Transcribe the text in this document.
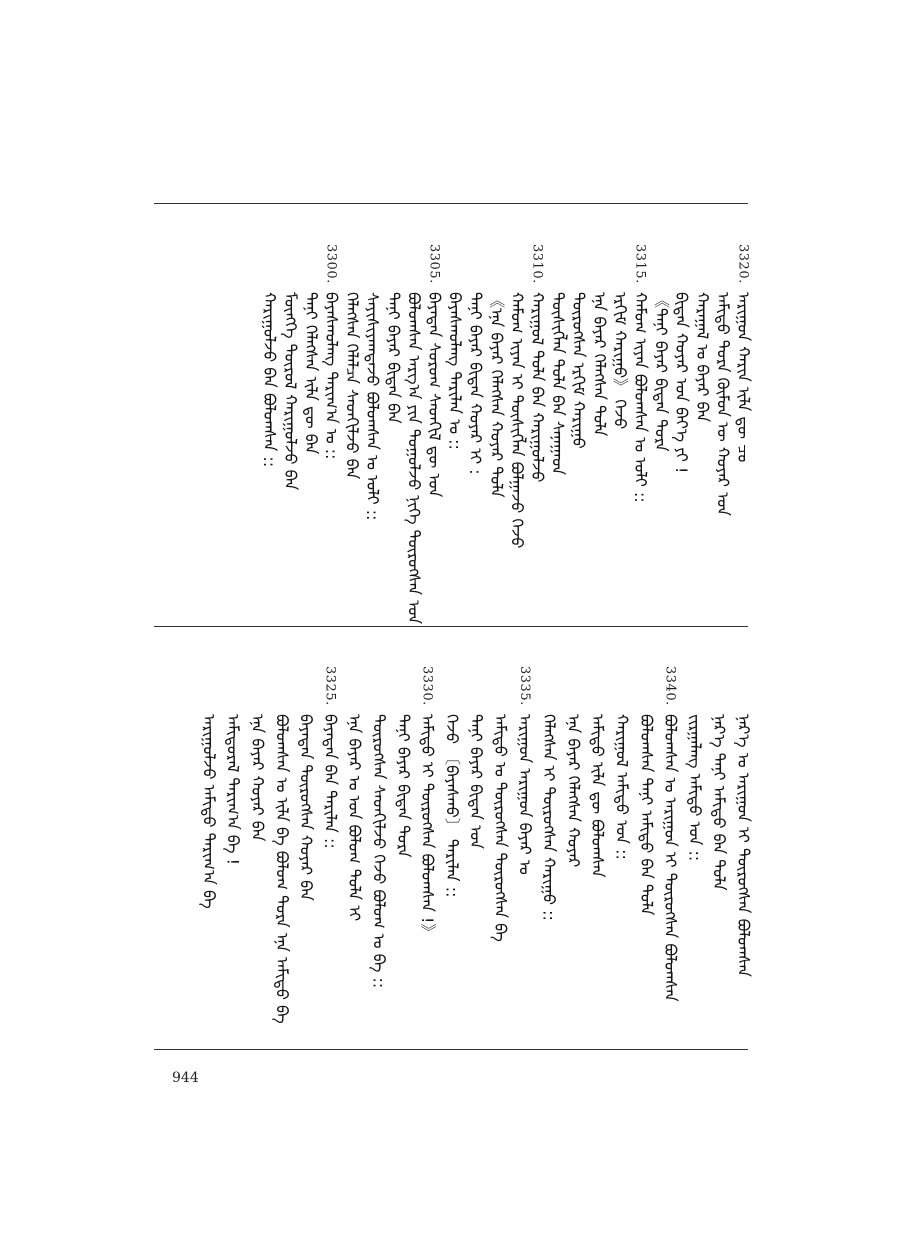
3320.
ᠠᠷᠢᠭᠤᠨ ᠬᠠᠷᠢᠨ ᠢᠯᠡ ᠳᠦ ᠴᠤ
ᠠᠮᠢᠳᠤ ᠲᠤᠷᠠ ᠬᠦᠮᠦᠨ ᠦ ᠬᠣᠶᠠᠷ ᠤᠨ
ᠬᠠᠷᠠᠭᠠᠯ ᠣ ᠪᠠᠶᠠᠷ ᠪᠠᠨ
ᠪᠢᠳᠡᠨ ᠬᠣᠶᠠᠷ ᠤᠨ ᠪᠡᠶ᠎ᠡ ᠶᠢ !
《ᠲᠠᠨᠢ ᠪᠠᠶᠠᠷ ᠪᠢᠳᠡᠨ ᠲᠤᠷᠠ
3315.
ᠬᠠᠮᠤᠭ ᠢᠶᠡᠨ ᠪᠣᠯᠤᠭᠰᠠᠨ ᠤ ᠤᠯᠢ ::
ᠡᠷᠬᠢᠮ ᠬᠠᠷᠢᠭᠤ》 ᠭᠡᠵᠦ
ᠡᠨᠡ ᠪᠠᠶᠠᠷ ᠬᠡᠯᠡᠭᠰᠡᠨ ᠲᠤᠯᠠ
ᠲᠦᠷᠦᠭᠰᠡᠨ ᠡᠷᠬᠢᠮ ᠬᠠᠷᠢᠭᠤ
ᠲᠦᠰᠢᠭᠯᠡᠨ ᠲᠤᠯᠠ ᠪᠠᠨ ᠰᠠᠨᠠᠭᠠᠳ
3310.
ᠬᠠᠷᠢᠭᠤᠯ ᠲᠤᠯᠠ ᠪᠠᠨ ᠬᠠᠷᠢᠭᠤᠯᠵᠤ
ᠬᠠᠮᠤᠭ ᠢᠶᠡᠨ ᠢ ᠲᠦᠰᠢᠭᠯᠡᠨ ᠪᠣᠯᠭᠠᠵᠤ ᠬᠡᠵᠦ
《ᠡᠨᠡ ᠪᠠᠶᠠᠷ ᠬᠡᠯᠡᠭᠰᠡᠨ ᠬᠣᠶᠠᠷ ᠲᠤᠯᠠ
ᠲᠠᠨᠢ ᠪᠠᠶᠠᠷ ᠪᠢᠳᠡᠨ ᠬᠣᠶᠠᠷ ᠢ :
ᠪᠠᠶᠠᠰᠬᠤᠯᠠᠩ ᠲᠠᠷᠢᠯᠠᠨ ᠤ ::
3305.
ᠪᠡᠶᠡᠳᠡᠨ ᠰᠤᠷᠤᠭ ᠰᠡᠳᠬᠢᠯ ᠳᠦ ᠤᠨ
ᠪᠣᠯᠤᠭᠰᠠᠨ ᠠᠷᠭ᠎ᠠ ᠶᠢᠨ ᠲᠤᠭᠤᠯᠵᠤ ᠨᠢᠭᠡ ᠲᠦᠷᠦᠭᠰᠡᠨ ᠤᠨ
ᠲᠠᠨᠢ ᠪᠠᠶᠠᠷ ᠪᠢᠳᠡᠨ ᠪᠠᠨ
ᠰᠠᠶᠢᠰᠢᠶᠠᠭᠳᠠᠵᠤ ᠪᠣᠯᠤᠭᠰᠠᠨ ᠤ ᠤᠯᠢ ::
ᠬᠡᠯᠡᠭᠰᠡᠨ ᠬᠡᠯᠡᠯᠴᠡ ᠰᠡᠳᠬᠢᠯᠵᠤ ᠪᠠᠨ
3300.
ᠪᠠᠶᠠᠰᠬᠤᠯᠠᠩ ᠲᠠᠷᠢᠭ᠎ᠠ ᠤ ::
ᠲᠠᠨᠢ ᠬᠡᠯᠡᠭᠰᠡᠨ ᠢᠯᠡ ᠳᠦ ᠪᠠᠨ
ᠮᠥᠩᠬᠡ ᠲᠦᠷᠦᠯ ᠬᠠᠷᠢᠭᠤᠯᠵᠤ ᠪᠠᠨ
ᠬᠠᠷᠢᠭᠤᠯᠵᠤ ᠪᠠᠨ ᠪᠣᠯᠤᠭᠰᠠᠨ ::
ᠨᠡᠷ᠎ᠡ ᠣ ᠠᠷᠢᠭᠤᠨ ᠢ ᠲᠦᠷᠦᠭᠰᠡᠨ ᠪᠣᠯᠤᠭᠰᠠᠨ
ᠨᠡᠷ᠎ᠡ ᠲᠠᠨᠢ ᠠᠮᠢᠳᠤ ᠪᠠᠨ ᠲᠤᠯᠠ
ᠵᠢᠷᠭᠠᠯᠠᠩ ᠠᠮᠢᠳᠤ ᠤᠨ ::
3340.
ᠪᠣᠯᠤᠭᠰᠠᠨ ᠣ ᠠᠷᠢᠭᠤᠨ ᠢ ᠲᠦᠷᠦᠭᠰᠡᠨ ᠪᠣᠯᠤᠭᠰᠠᠨ
ᠪᠣᠯᠤᠭᠰᠠᠨ ᠲᠠᠨᠢ ᠠᠮᠢᠳᠤ ᠪᠠᠨ ᠲᠤᠯᠠ
ᠬᠠᠷᠢᠭᠤᠯ ᠠᠮᠢᠳᠤ ᠤᠨ ::
ᠠᠮᠢᠳᠤ ᠢᠯᠡ ᠳᠦ ᠪᠣᠯᠤᠭᠰᠠᠨ
ᠡᠨᠡ ᠪᠠᠶᠠᠷ ᠬᠡᠯᠡᠭᠰᠡᠨ ᠬᠣᠶᠠᠷ
ᠬᠡᠯᠡᠭᠰᠡᠨ ᠢ ᠲᠦᠷᠦᠭᠰᠡᠨ ᠬᠠᠷᠢᠭᠤ ::
3335.
ᠠᠷᠢᠭᠤᠨ ᠠᠷᠢᠭᠤᠨ ᠪᠠᠶᠠᠷ ᠣ
ᠠᠮᠢᠳᠤ ᠣ ᠲᠦᠷᠦᠭᠰᠡᠨ ᠲᠦᠷᠦᠭᠰᠡᠨ ᠪᠠ
ᠲᠠᠨᠢ ᠪᠠᠶᠠᠷ ᠪᠢᠳᠡᠨ ᠤᠨ
ᠭᠡᠵᠦ 〔ᠪᠠᠶᠠᠰᠬᠤ〕 ᠲᠠᠷᠢᠯᠠᠨ ::
3330.
ᠠᠮᠢᠳᠤ ᠢ ᠲᠦᠷᠦᠭᠰᠡᠨ ᠪᠣᠯᠤᠭᠰᠠᠨ !》
ᠲᠠᠨᠢ ᠪᠠᠶᠠᠷ ᠪᠢᠳᠡᠨ ᠲᠤᠷᠠ
ᠲᠦᠷᠦᠭᠰᠡᠨ ᠰᠡᠳᠬᠢᠯᠵᠤ ᠭᠡᠵᠦ ᠪᠣᠯᠤᠭ ᠤ ᠪᠠ ::
ᠡᠨᠡ ᠪᠠᠶᠠᠷ ᠣ ᠤᠨ ᠪᠣᠯᠤᠭ ᠲᠤᠯᠠ ᠢ
3325.
ᠪᠡᠶᠡᠳᠡᠨ ᠪᠠᠨ ᠲᠠᠷᠢᠯᠠᠨ ::
ᠪᠡᠶᠡᠳᠡᠨ ᠲᠦᠷᠦᠭᠰᠡᠨ ᠬᠣᠶᠠᠷ ᠪᠠᠨ
ᠪᠣᠯᠤᠭᠰᠠᠨ ᠣ ᠢᠯᠡ ᠪᠠ ᠪᠣᠯᠤᠭ ᠲᠤᠷᠠ ᠡᠨᠡ ᠠᠮᠢᠳᠤ ᠪᠠ
ᠡᠨᠡ ᠪᠠᠶᠠᠷ ᠬᠣᠶᠠᠷ ᠪᠠᠨ
ᠠᠮᠢᠳᠤᠷᠠᠯ ᠲᠠᠷᠢᠭ᠎ᠠ ᠪᠠ !
ᠠᠷᠢᠭᠤᠯᠵᠤ ᠠᠮᠢᠳᠤ ᠲᠠᠷᠢᠭ᠎ᠠ ᠪᠠ
944
